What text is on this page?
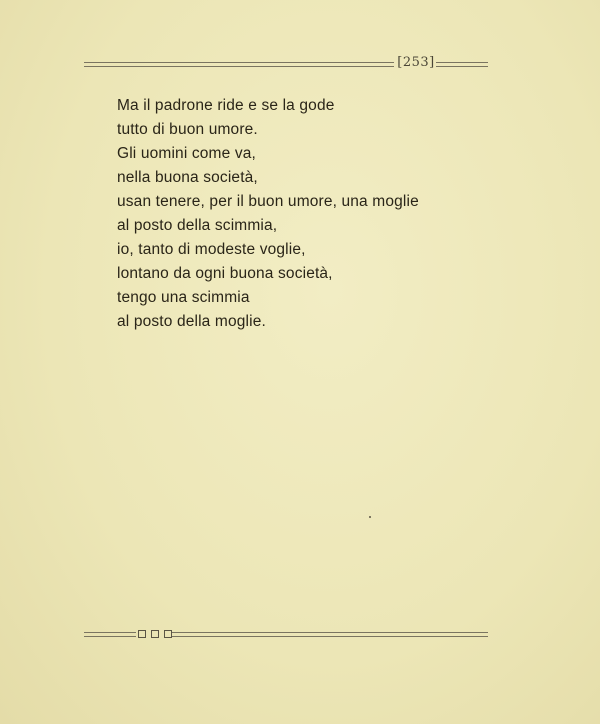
[253]
Ma il padrone ride e se la gode
tutto di buon umore.
Gli uomini come va,
nella buona società,
usan tenere, per il buon umore, una moglie
al posto della scimmia,
io, tanto di modeste voglie,
lontano da ogni buona società,
tengo una scimmia
al posto della moglie.
